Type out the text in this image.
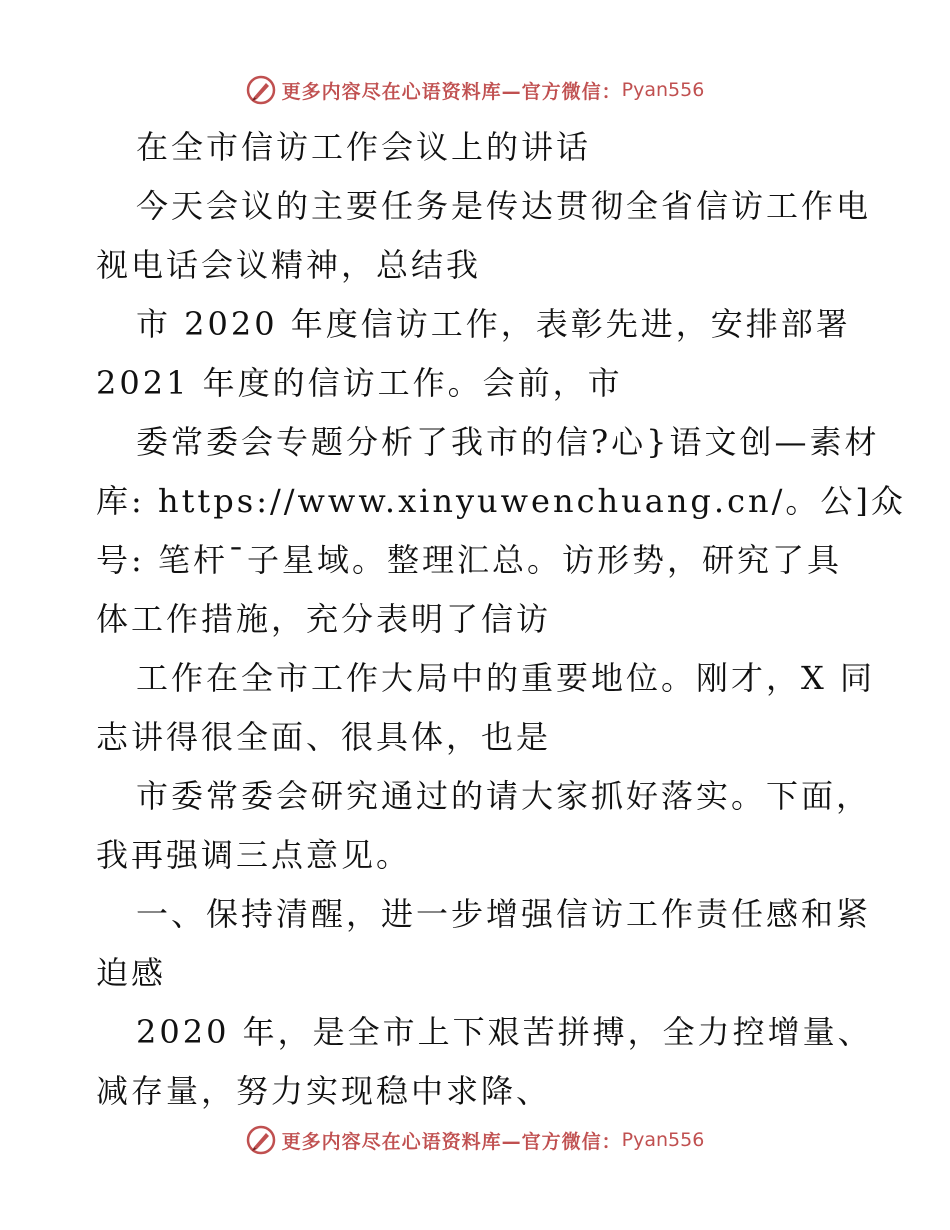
更多内容尽在心语资料库—官方微信： Pyan556
在全市信访工作会议上的讲话
今天会议的主要任务是传达贯彻全省信访工作电
视电话会议精神，总结我
市 2020 年度信访工作，表彰先进，安排部署
2021 年度的信访工作。会前，市
委常委会专题分析了我市的信?心}语文创—素材
库: https://www.xinyuwenchuang.cn/。公]众
号: 笔杆¯子星域。整理汇总。访形势，研究了具
体工作措施，充分表明了信访
工作在全市工作大局中的重要地位。刚才，X 同
志讲得很全面、很具体，也是
市委常委会研究通过的请大家抓好落实。下面，
我再强调三点意见。
一、保持清醒，进一步增强信访工作责任感和紧
迫感
2020 年，是全市上下艰苦拼搏，全力控增量、
减存量，努力实现稳中求降、
更多内容尽在心语资料库—官方微信： Pyan556
